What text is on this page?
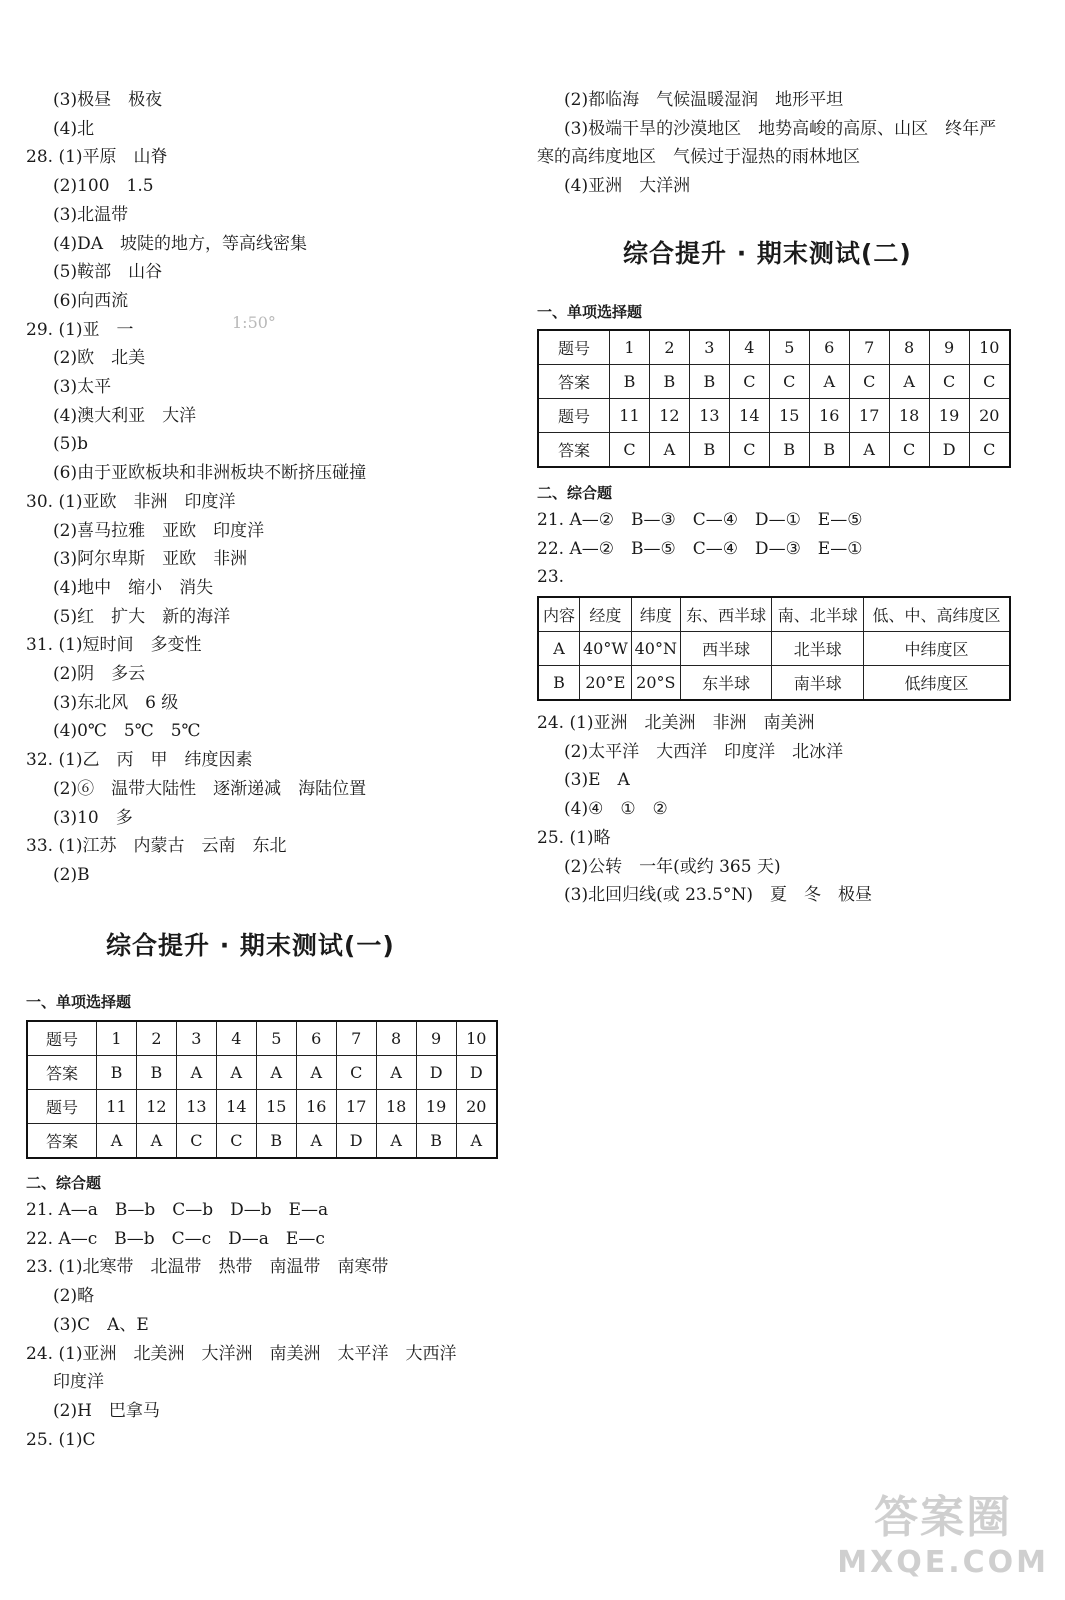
(3)极昼　极夜
(4)北
28. (1)平原　山脊
(2)100　1.5
(3)北温带
(4)DA　坡陡的地方，等高线密集
(5)鞍部　山谷
(6)向西流
29. (1)亚　一
(2)欧　北美
(3)太平
(4)澳大利亚　大洋
(5)b
(6)由于亚欧板块和非洲板块不断挤压碰撞
30. (1)亚欧　非洲　印度洋
(2)喜马拉雅　亚欧　印度洋
(3)阿尔卑斯　亚欧　非洲
(4)地中　缩小　消失
(5)红　扩大　新的海洋
31. (1)短时间　多变性
(2)阴　多云
(3)东北风　6 级
(4)0℃　5℃　5℃
32. (1)乙　丙　甲　纬度因素
(2)⑥　温带大陆性　逐渐递减　海陆位置
(3)10　多
33. (1)江苏　内蒙古　云南　东北
(2)B
综合提升 · 期末测试(一)
一、单项选择题
题号	1	2	3	4	5	6	7	8	9	10
答案	B	B	A	A	A	A	C	A	D	D
题号	11	12	13	14	15	16	17	18	19	20
答案	A	A	C	C	B	A	D	A	B	A
二、综合题
21. A—a　B—b　C—b　D—b　E—a
22. A—c　B—b　C—c　D—a　E—c
23. (1)北寒带　北温带　热带　南温带　南寒带
(2)略
(3)C　A、E
24. (1)亚洲　北美洲　大洋洲　南美洲　太平洋　大西洋
印度洋
(2)H　巴拿马
25. (1)C
(2)都临海　气候温暖湿润　地形平坦
(3)极端干旱的沙漠地区　地势高峻的高原、山区　终年严
寒的高纬度地区　气候过于湿热的雨林地区
(4)亚洲　大洋洲
综合提升 · 期末测试(二)
一、单项选择题
题号	1	2	3	4	5	6	7	8	9	10
答案	B	B	B	C	C	A	C	A	C	C
题号	11	12	13	14	15	16	17	18	19	20
答案	C	A	B	C	B	B	A	C	D	C
二、综合题
21. A—②　B—③　C—④　D—①　E—⑤
22. A—②　B—⑤　C—④　D—③　E—①
23.
内容	经度	纬度	东、西半球	南、北半球	低、中、高纬度区
A	40°W	40°N	西半球	北半球	中纬度区
B	20°E	20°S	东半球	南半球	低纬度区
24. (1)亚洲　北美洲　非洲　南美洲
(2)太平洋　大西洋　印度洋　北冰洋
(3)E　A
(4)④　①　②
25. (1)略
(2)公转　一年(或约 365 天)
(3)北回归线(或 23.5°N)　夏　冬　极昼
1:50°
答案圈
MXQE.COM
